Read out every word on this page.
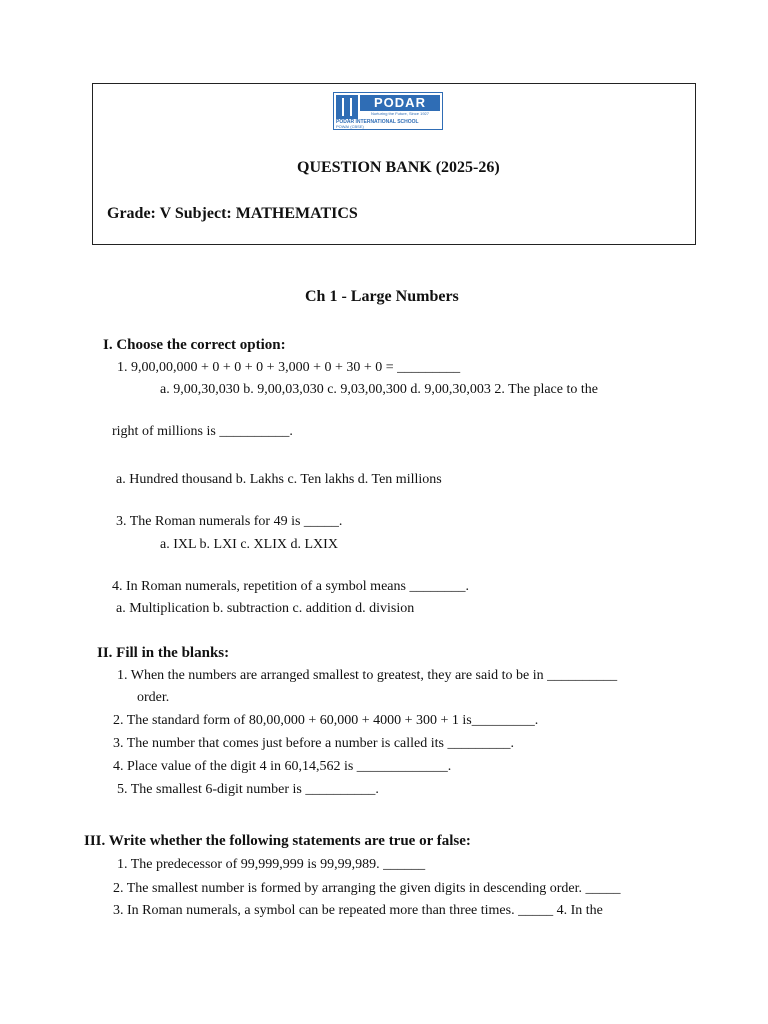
PODAR
Nurturing the Future, Since 1927
PODAR INTERNATIONAL SCHOOL
POWAI (CBSE)
QUESTION BANK (2025-26)
Grade: V Subject: MATHEMATICS
Ch 1 - Large Numbers
I. Choose the correct option:
1. 9,00,00,000 + 0 + 0 + 0 + 3,000 + 0 + 30 + 0 = _________
a. 9,00,30,030 b. 9,00,03,030 c. 9,03,00,300 d. 9,00,30,003 2. The place to the
right of millions is __________.
a. Hundred thousand b. Lakhs c. Ten lakhs d. Ten millions
3. The Roman numerals for 49 is _____.
a. IXL b. LXI c. XLIX d. LXIX
4. In Roman numerals, repetition of a symbol means ________.
a. Multiplication b. subtraction c. addition d. division
II. Fill in the blanks:
1. When the numbers are arranged smallest to greatest, they are said to be in __________
order.
2. The standard form of 80,00,000 + 60,000 + 4000 + 300 + 1 is_________.
3. The number that comes just before a number is called its _________.
4. Place value of the digit 4 in 60,14,562 is _____________.
5. The smallest 6-digit number is __________.
III. Write whether the following statements are true or false:
1. The predecessor of 99,999,999 is 99,99,989. ______
2. The smallest number is formed by arranging the given digits in descending order. _____
3. In Roman numerals, a symbol can be repeated more than three times. _____ 4. In the
